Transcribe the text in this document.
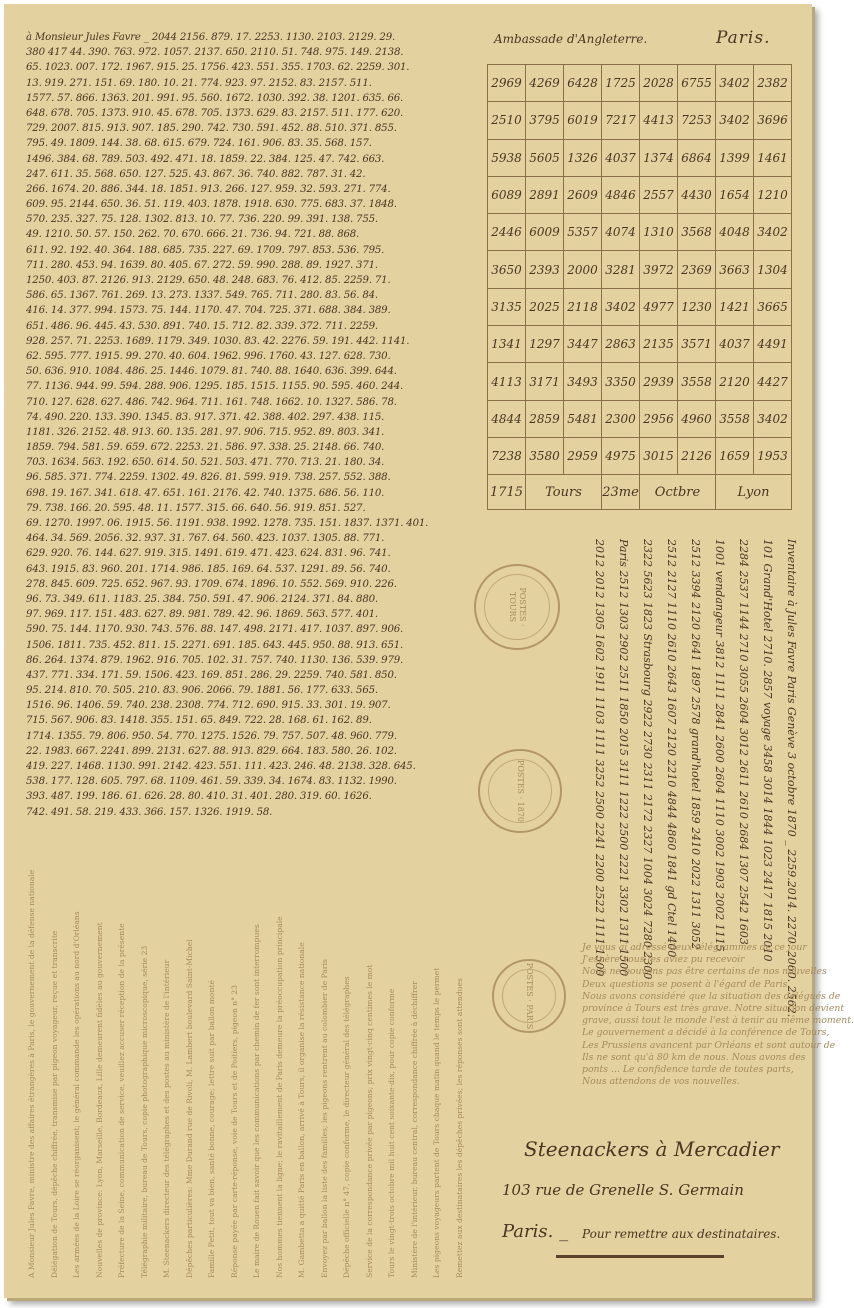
à Monsieur Jules Favre _ 2044 2156. 879. 17. 2253. 1130. 2103. 2129. 29.
380 417 44. 390. 763. 972. 1057. 2137. 650. 2110. 51. 748. 975. 149. 2138.
65. 1023. 007. 172. 1967. 915. 25. 1756. 423. 551. 355. 1703. 62. 2259. 301.
13. 919. 271. 151. 69. 180. 10. 21. 774. 923. 97. 2152. 83. 2157. 511.
1577. 57. 866. 1363. 201. 991. 95. 560. 1672. 1030. 392. 38. 1201. 635. 66.
648. 678. 705. 1373. 910. 45. 678. 705. 1373. 629. 83. 2157. 511. 177. 620.
729. 2007. 815. 913. 907. 185. 290. 742. 730. 591. 452. 88. 510. 371. 855.
795. 49. 1809. 144. 38. 68. 615. 679. 724. 161. 906. 83. 35. 568. 157.
1496. 384. 68. 789. 503. 492. 471. 18. 1859. 22. 384. 125. 47. 742. 663.
247. 611. 35. 568. 650. 127. 525. 43. 867. 36. 740. 882. 787. 31. 42.
266. 1674. 20. 886. 344. 18. 1851. 913. 266. 127. 959. 32. 593. 271. 774.
609. 95. 2144. 650. 36. 51. 119. 403. 1878. 1918. 630. 775. 683. 37. 1848.
570. 235. 327. 75. 128. 1302. 813. 10. 77. 736. 220. 99. 391. 138. 755.
49. 1210. 50. 57. 150. 262. 70. 670. 666. 21. 736. 94. 721. 88. 868.
611. 92. 192. 40. 364. 188. 685. 735. 227. 69. 1709. 797. 853. 536. 795.
711. 280. 453. 94. 1639. 80. 405. 67. 272. 59. 990. 288. 89. 1927. 371.
1250. 403. 87. 2126. 913. 2129. 650. 48. 248. 683. 76. 412. 85. 2259. 71.
586. 65. 1367. 761. 269. 13. 273. 1337. 549. 765. 711. 280. 83. 56. 84.
416. 14. 377. 994. 1573. 75. 144. 1170. 47. 704. 725. 371. 688. 384. 389.
651. 486. 96. 445. 43. 530. 891. 740. 15. 712. 82. 339. 372. 711. 2259.
928. 257. 71. 2253. 1689. 1179. 349. 1030. 83. 42. 2276. 59. 191. 442. 1141.
62. 595. 777. 1915. 99. 270. 40. 604. 1962. 996. 1760. 43. 127. 628. 730.
50. 636. 910. 1084. 486. 25. 1446. 1079. 81. 740. 88. 1640. 636. 399. 644.
77. 1136. 944. 99. 594. 288. 906. 1295. 185. 1515. 1155. 90. 595. 460. 244.
710. 127. 628. 627. 486. 742. 964. 711. 161. 748. 1662. 10. 1327. 586. 78.
74. 490. 220. 133. 390. 1345. 83. 917. 371. 42. 388. 402. 297. 438. 115.
1181. 326. 2152. 48. 913. 60. 135. 281. 97. 906. 715. 952. 89. 803. 341.
1859. 794. 581. 59. 659. 672. 2253. 21. 586. 97. 338. 25. 2148. 66. 740.
703. 1634. 563. 192. 650. 614. 50. 521. 503. 471. 770. 713. 21. 180. 34.
96. 585. 371. 774. 2259. 1302. 49. 826. 81. 599. 919. 738. 257. 552. 388.
698. 19. 167. 341. 618. 47. 651. 161. 2176. 42. 740. 1375. 686. 56. 110.
79. 738. 166. 20. 595. 48. 11. 1577. 315. 66. 640. 56. 919. 851. 527.
69. 1270. 1997. 06. 1915. 56. 1191. 938. 1992. 1278. 735. 151. 1837. 1371. 401.
464. 34. 569. 2056. 32. 937. 31. 767. 64. 560. 423. 1037. 1305. 88. 771.
629. 920. 76. 144. 627. 919. 315. 1491. 619. 471. 423. 624. 831. 96. 741.
643. 1915. 83. 960. 201. 1714. 986. 185. 169. 64. 537. 1291. 89. 56. 740.
278. 845. 609. 725. 652. 967. 93. 1709. 674. 1896. 10. 552. 569. 910. 226.
96. 73. 349. 611. 1183. 25. 384. 750. 591. 47. 906. 2124. 371. 84. 880.
97. 969. 117. 151. 483. 627. 89. 981. 789. 42. 96. 1869. 563. 577. 401.
590. 75. 144. 1170. 930. 743. 576. 88. 147. 498. 2171. 417. 1037. 897. 906.
1506. 1811. 735. 452. 811. 15. 2271. 691. 185. 643. 445. 950. 88. 913. 651.
86. 264. 1374. 879. 1962. 916. 705. 102. 31. 757. 740. 1130. 136. 539. 979.
437. 771. 334. 171. 59. 1506. 423. 169. 851. 286. 29. 2259. 740. 581. 850.
95. 214. 810. 70. 505. 210. 83. 906. 2066. 79. 1881. 56. 177. 633. 565.
1516. 96. 1406. 59. 740. 238. 2308. 774. 712. 690. 915. 33. 301. 19. 907.
715. 567. 906. 83. 1418. 355. 151. 65. 849. 722. 28. 168. 61. 162. 89.
1714. 1355. 79. 806. 950. 54. 770. 1275. 1526. 79. 757. 507. 48. 960. 779.
22. 1983. 667. 2241. 899. 2131. 627. 88. 913. 829. 664. 183. 580. 26. 102.
419. 227. 1468. 1130. 991. 2142. 423. 551. 111. 423. 246. 48. 2138. 328. 645.
538. 177. 128. 605. 797. 68. 1109. 461. 59. 339. 34. 1674. 83. 1132. 1990.
393. 487. 199. 186. 61. 626. 28. 80. 410. 31. 401. 280. 319. 60. 1626.
742. 491. 58. 219. 433. 366. 157. 1326. 1919. 58.
Ambassade d'Angleterre.	Paris.
2969	4269	6428	1725	2028	6755	3402	2382
2510	3795	6019	7217	4413	7253	3402	3696
5938	5605	1326	4037	1374	6864	1399	1461
6089	2891	2609	4846	2557	4430	1654	1210
2446	6009	5357	4074	1310	3568	4048	3402
3650	2393	2000	3281	3972	2369	3663	1304
3135	2025	2118	3402	4977	1230	1421	3665
1341	1297	3447	2863	2135	3571	4037	4491
4113	3171	3493	3350	2939	3558	2120	4427
4844	2859	5481	2300	2956	4960	3558	3402
7238	3580	2959	4975	3015	2126	1659	1953
1715	Tours		23me	Octbre		Lyon	
Inventaire à Jules Favre Paris Genève 3 octobre 1870 _ 2259.2014. 2270. 2060. 2562.
101 Grand'Hotel 2710. 2857 voyage 3458 3014 1844 1023 2417 1815 2010
2284 2537 1144 2710 3055 2604 3012 2611 2610 2684 1307 2542 1603
1001 vendangeur 3812 1111 2841 2600 2604 1110 3002 1903 2002 1115
2512 3394 2120 2641 1897 2578 grand'hotel 1859 2410 2022 1311 3052
2512 2127 1110 2610 2643 1607 2120 2210 4844 4860 1841 gd Ctel 1400
2322 5623 1823 Strasbourg 2922 2730 2311 2172 2327 1004 3024 7280 2300
Paris 2512 1303 2902 2511 1850 2015 3111 1222 2500 2221 3302 1311 1500
2012 2012 1305 1602 1911 1103 1111 3252 2500 2241 2200 2522 1111 1500
POSTES · TOURS
POSTES · 1870
POSTES · PARIS
Je vous ai adressé deux télégrammes de ce jour
J'espère vous les aviez pu recevoir
Nous ne pouvons pas être certains de nos nouvelles
Deux questions se posent à l'égard de Paris
Nous avons considéré que la situation des délégués de
province à Tours est très grave. Notre situation devient
grave, aussi tout le monde l'est à tenir au même moment.
Le gouvernement a décidé à la conférence de Tours,
Les Prussiens avancent par Orléans et sont autour de
Ils ne sont qu'à 80 km de nous. Nous avons des
ponts ... Le confidence tarde de toutes parts,
Nous attendons de vos nouvelles.
A Monsieur Jules Favre, ministre des affaires étrangères à Paris, le gouvernement de la défense nationale	Délégation de Tours, dépêche chiffrée, transmise par pigeon voyageur, reçue et transcrite	Les armées de la Loire se réorganisent; le général commande les opérations au nord d'Orléans	Nouvelles de province: Lyon, Marseille, Bordeaux, Lille demeurent fidèles au gouvernement	Préfecture de la Seine, communication de service, veuillez accuser réception de la présente	Télégraphie militaire, bureau de Tours, copie photographique microscopique, série 23	M. Steenackers directeur des télégraphes et des postes au ministère de l'intérieur	Dépêches particulières: Mme Durand rue de Rivoli, M. Lambert boulevard Saint-Michel	Famille Petit, tout va bien, santé bonne, courage; lettre suit par ballon monté	Réponse payée par carte-réponse, voie de Tours et de Poitiers, pigeon n° 23	Le maire de Rouen fait savoir que les communications par chemin de fer sont interrompues	Nos hommes tiennent la ligne; le ravitaillement de Paris demeure la préoccupation principale	M. Gambetta a quitté Paris en ballon, arrivé à Tours, il organise la résistance nationale	Envoyez par ballon la liste des familles; les pigeons rentrent au colombier de Paris	Dépêche officielle n° 47, copie conforme, le directeur général des télégraphes	Service de la correspondance privée par pigeons; prix vingt-cinq centimes le mot	Tours le vingt-trois octobre mil huit cent soixante-dix, pour copie conforme	Ministère de l'intérieur, bureau central, correspondance chiffrée à déchiffrer	Les pigeons voyageurs partent de Tours chaque matin quand le temps le permet	Remettez aux destinataires les dépêches privées; les réponses sont attendues	Steenackers à Mercadier
103 rue de Grenelle S. Germain
Paris. _ Pour remettre aux destinataires.
